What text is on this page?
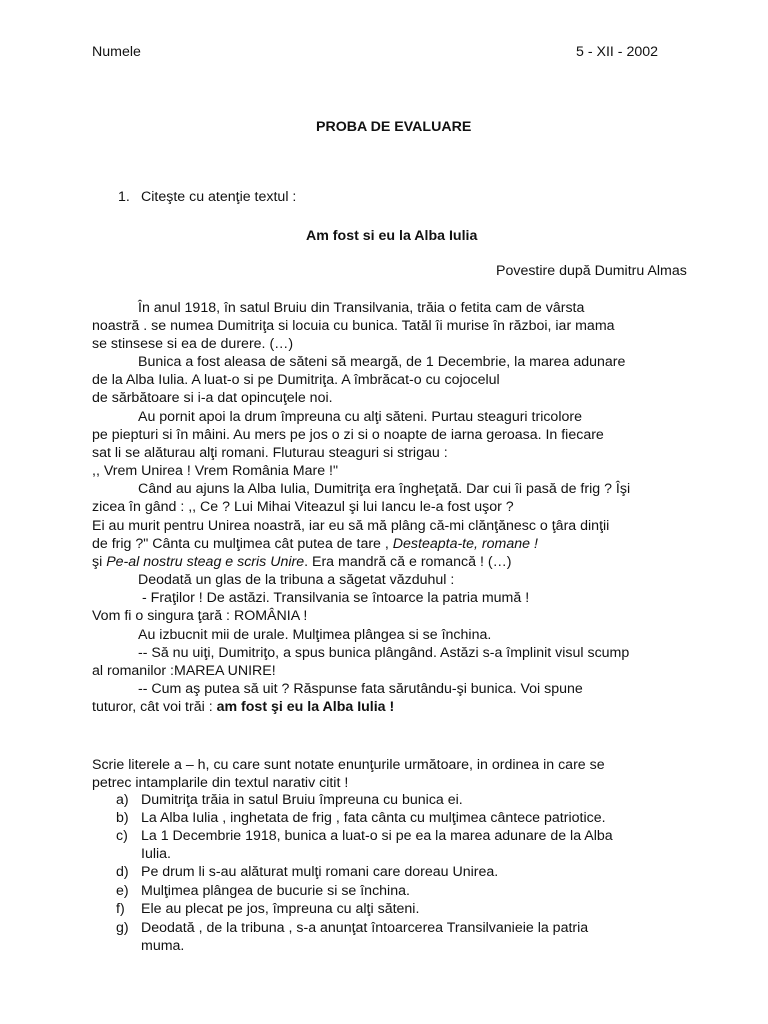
Numele	5 - XII - 2002
PROBA DE EVALUARE
1. Citeşte cu atenţie textul :
Am fost si eu la Alba Iulia
Povestire după Dumitru Almas
În anul 1918, în satul Bruiu din Transilvania, trăia o fetita cam de vârsta
noastră . se numea Dumitriţa si locuia cu bunica. Tatăl îi murise în război, iar mama
se stinsese si ea de durere. (…)
Bunica a fost aleasa de săteni să meargă, de 1 Decembrie, la marea adunare
de la Alba Iulia. A luat-o si pe Dumitriţa. A îmbrăcat-o cu cojocelul
de sărbătoare si i-a dat opincuţele noi.
Au pornit apoi la drum împreuna cu alţi săteni. Purtau steaguri tricolore
pe piepturi si în mâini. Au mers pe jos o zi si o noapte de iarna geroasa. In fiecare
sat li se alăturau alţi romani. Fluturau steaguri si strigau :
,, Vrem Unirea ! Vrem România Mare !"
Când au ajuns la Alba Iulia, Dumitriţa era îngheţată. Dar cui îi pasă de frig ? Îşi
zicea în gând : ,, Ce ? Lui Mihai Viteazul şi lui Iancu le-a fost uşor ?
Ei au murit pentru Unirea noastră, iar eu să mă plâng că-mi clănţănesc o ţâra dinţii
de frig ?" Cânta cu mulţimea cât putea de tare , Desteapta-te, romane !
şi Pe-al nostru steag e scris Unire. Era mandră că e romancă ! (…)
Deodată un glas de la tribuna a săgetat văzduhul :
- Fraţilor ! De astăzi. Transilvania se întoarce la patria mumă !
Vom fi o singura ţară : ROMÂNIA !
Au izbucnit mii de urale. Mulţimea plângea si se închina.
-- Să nu uiţi, Dumitriţo, a spus bunica plângând. Astăzi s-a împlinit visul scump
al romanilor :MAREA UNIRE!
-- Cum aş putea să uit ? Răspunse fata sărutându-şi bunica. Voi spune
tuturor, cât voi trăi : am fost şi eu la Alba Iulia !
Scrie literele a – h, cu care sunt notate enunţurile următoare, in ordinea in care se
petrec intamplarile din textul narativ citit !
a) Dumitriţa trăia in satul Bruiu împreuna cu bunica ei.
b) La Alba Iulia , inghetata de frig , fata cânta cu mulţimea cântece patriotice.
c) La 1 Decembrie 1918, bunica a luat-o si pe ea la marea adunare de la Alba
Iulia.
d) Pe drum li s-au alăturat mulţi romani care doreau Unirea.
e) Mulţimea plângea de bucurie si se închina.
f) Ele au plecat pe jos, împreuna cu alţi săteni.
g) Deodată , de la tribuna , s-a anunţat întoarcerea Transilvanieie la patria
muma.
